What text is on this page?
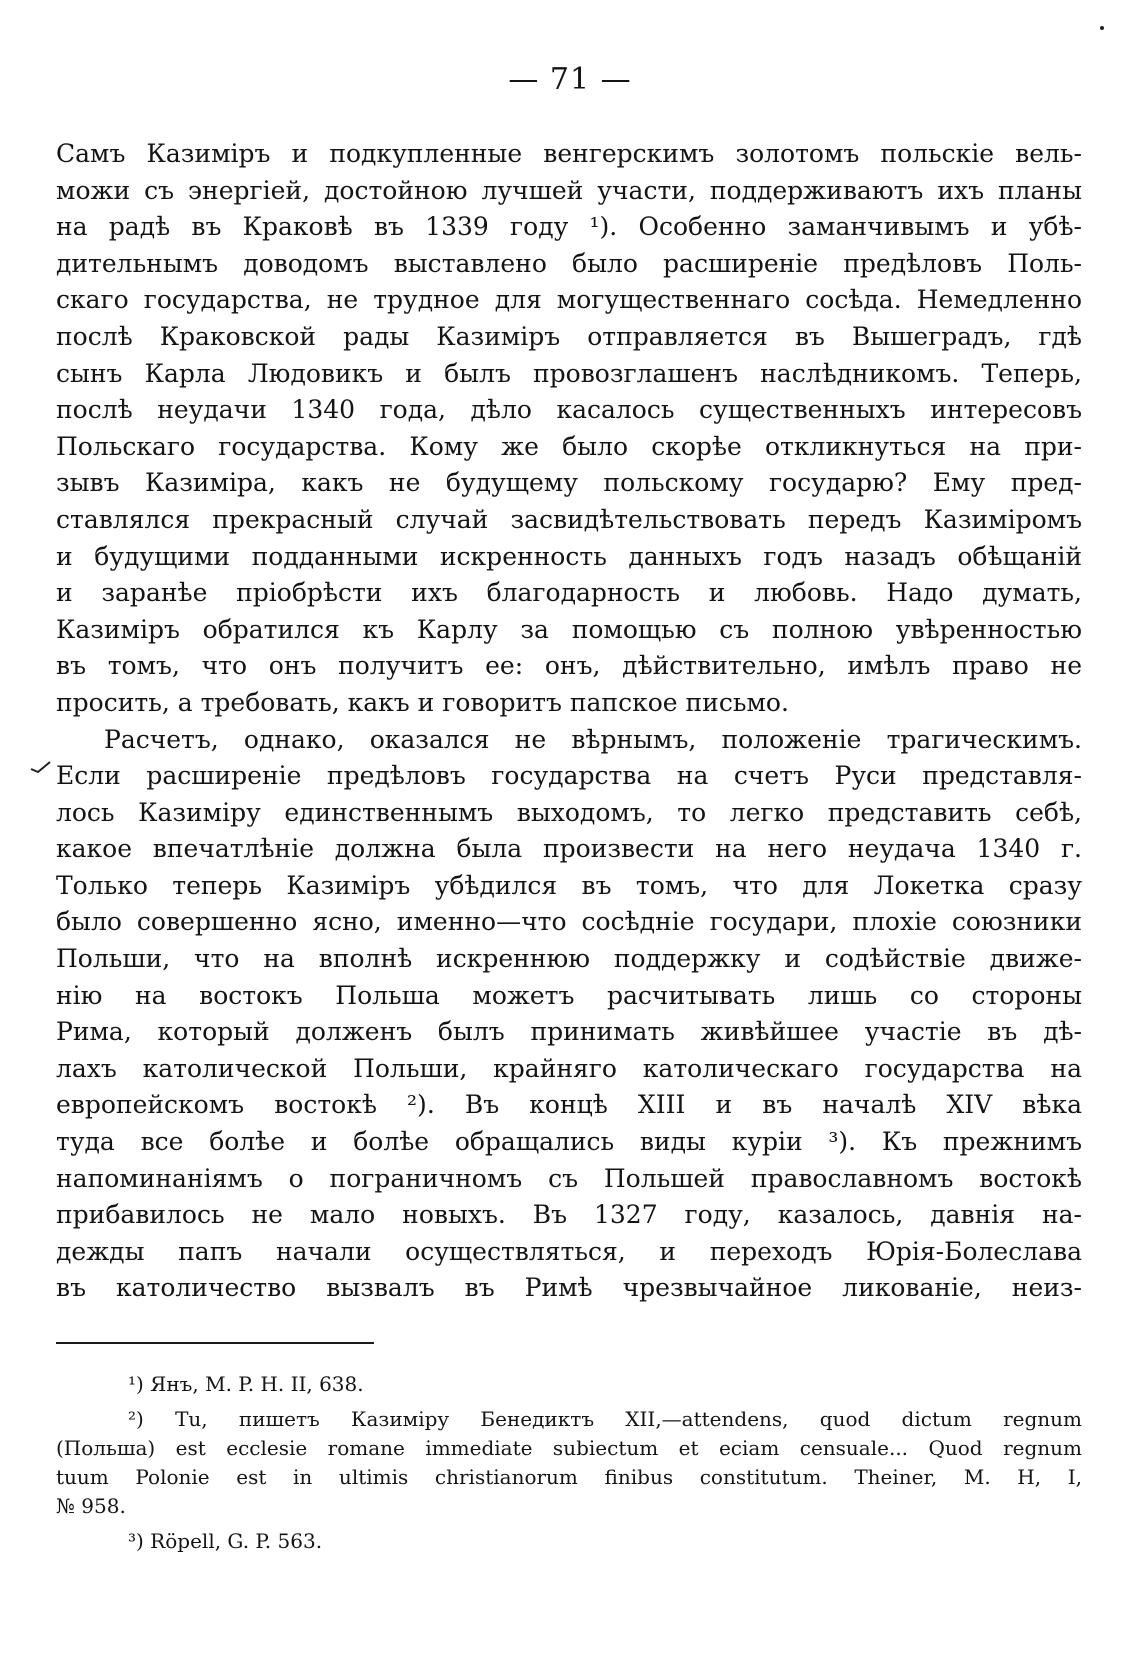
— 71 —
Самъ Казиміръ и подкупленные венгерскимъ золотомъ польскіе вель-
можи съ энергіей, достойною лучшей участи, поддерживаютъ ихъ планы
на радѣ въ Краковѣ въ 1339 году ¹). Особенно заманчивымъ и убѣ-
дительнымъ доводомъ выставлено было расширеніе предѣловъ Поль-
скаго государства, не трудное для могущественнаго сосѣда. Немедленно
послѣ Краковской рады Казиміръ отправляется въ Вышеградъ, гдѣ
сынъ Карла Людовикъ и былъ провозглашенъ наслѣдникомъ. Теперь,
послѣ неудачи 1340 года, дѣло касалось существенныхъ интересовъ
Польскаго государства. Кому же было скорѣе откликнуться на при-
зывъ Казиміра, какъ не будущему польскому государю? Ему пред-
ставлялся прекрасный случай засвидѣтельствовать передъ Казиміромъ
и будущими подданными искренность данныхъ годъ назадъ обѣщаній
и заранѣе пріобрѣсти ихъ благодарность и любовь. Надо думать,
Казиміръ обратился къ Карлу за помощью съ полною увѣренностью
въ томъ, что онъ получитъ ее: онъ, дѣйствительно, имѣлъ право не
просить, а требовать, какъ и говоритъ папское письмо.
Расчетъ, однако, оказался не вѣрнымъ, положеніе трагическимъ.
Если расширеніе предѣловъ государства на счетъ Руси представля-
лось Казиміру единственнымъ выходомъ, то легко представить себѣ,
какое впечатлѣніе должна была произвести на него неудача 1340 г.
Только теперь Казиміръ убѣдился въ томъ, что для Локетка сразу
было совершенно ясно, именно—что сосѣдніе государи, плохіе союзники
Польши, что на вполнѣ искреннюю поддержку и содѣйствіе движе-
нію на востокъ Польша можетъ расчитывать лишь со стороны
Рима, который долженъ былъ принимать живѣйшее участіе въ дѣ-
лахъ католической Польши, крайняго католическаго государства на
европейскомъ востокѣ ²). Въ концѣ XIII и въ началѣ XIV вѣка
туда все болѣе и болѣе обращались виды куріи ³). Къ прежнимъ
напоминаніямъ о пограничномъ съ Польшей православномъ востокѣ
прибавилось не мало новыхъ. Въ 1327 году, казалось, давнія на-
дежды папъ начали осуществляться, и переходъ Юрія-Болеслава
въ католичество вызвалъ въ Римѣ чрезвычайное ликованіе, неиз-
¹) Янъ, M. P. H. II, 638.
²) Tu, пишетъ Казиміру Бенедиктъ XII,—attendens, quod dictum regnum
(Польша) est ecclesie romane immediate subiectum et eciam censuale... Quod regnum
tuum Polonie est in ultimis christianorum finibus constitutum. Theiner, M. H, I,
№ 958.
³) Röpell, G. P. 563.
